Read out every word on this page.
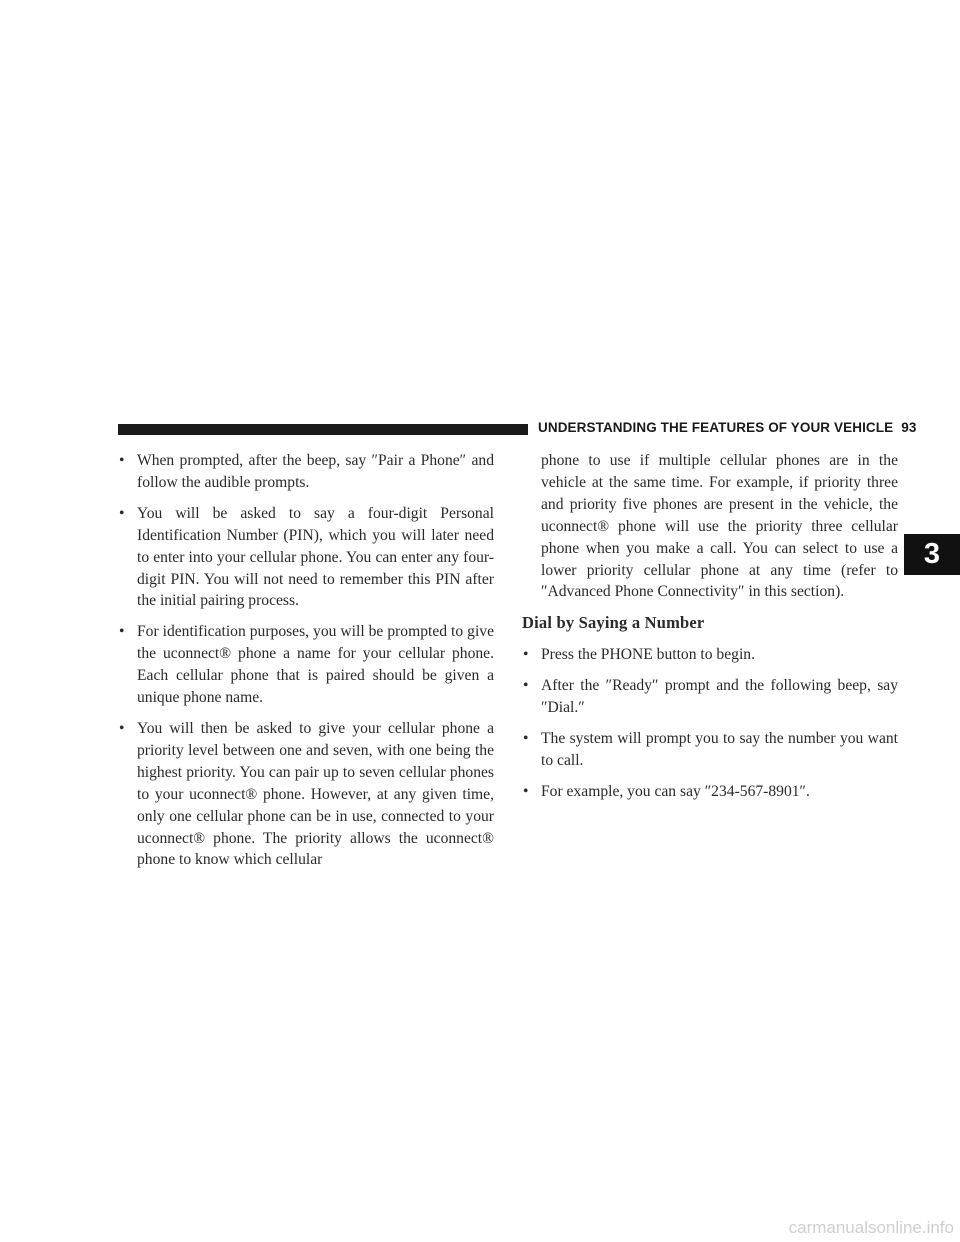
UNDERSTANDING THE FEATURES OF YOUR VEHICLE 93
3
• When prompted, after the beep, say ″Pair a Phone″ and follow the audible prompts.
• You will be asked to say a four-digit Personal Identification Number (PIN), which you will later need to enter into your cellular phone. You can enter any four-digit PIN. You will not need to remember this PIN after the initial pairing process.
• For identification purposes, you will be prompted to give the uconnect® phone a name for your cellular phone. Each cellular phone that is paired should be given a unique phone name.
• You will then be asked to give your cellular phone a priority level between one and seven, with one being the highest priority. You can pair up to seven cellular phones to your uconnect® phone. However, at any given time, only one cellular phone can be in use, connected to your uconnect® phone. The priority allows the uconnect® phone to know which cellular
phone to use if multiple cellular phones are in the vehicle at the same time. For example, if priority three and priority five phones are present in the vehicle, the uconnect® phone will use the priority three cellular phone when you make a call. You can select to use a lower priority cellular phone at any time (refer to ″Advanced Phone Connectivity″ in this section).
Dial by Saying a Number
• Press the PHONE button to begin.
• After the ″Ready″ prompt and the following beep, say ″Dial.″
• The system will prompt you to say the number you want to call.
• For example, you can say ″234-567-8901″.
carmanualsonline.info
